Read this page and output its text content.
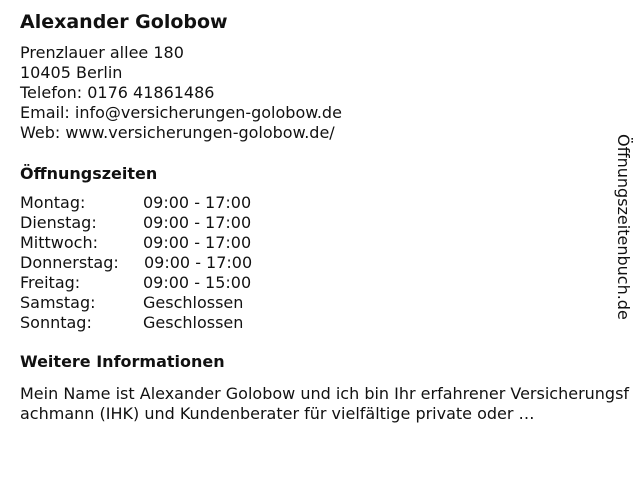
Alexander Golobow
Prenzlauer allee 180
10405 Berlin
Telefon: 0176 41861486
Email: info@versicherungen-golobow.de
Web: www.versicherungen-golobow.de/
Öffnungszeiten
Montag:	09:00 - 17:00
Dienstag:	09:00 - 17:00
Mittwoch:	09:00 - 17:00
Donnerstag:	09:00 - 17:00
Freitag:	09:00 - 15:00
Samstag:	Geschlossen
Sonntag:	Geschlossen
Weitere Informationen
Mein Name ist Alexander Golobow und ich bin Ihr erfahrener Versicherungsfachmann (IHK) und Kundenberater für vielfältige private oder …
Öffnungszeitenbuch.de
